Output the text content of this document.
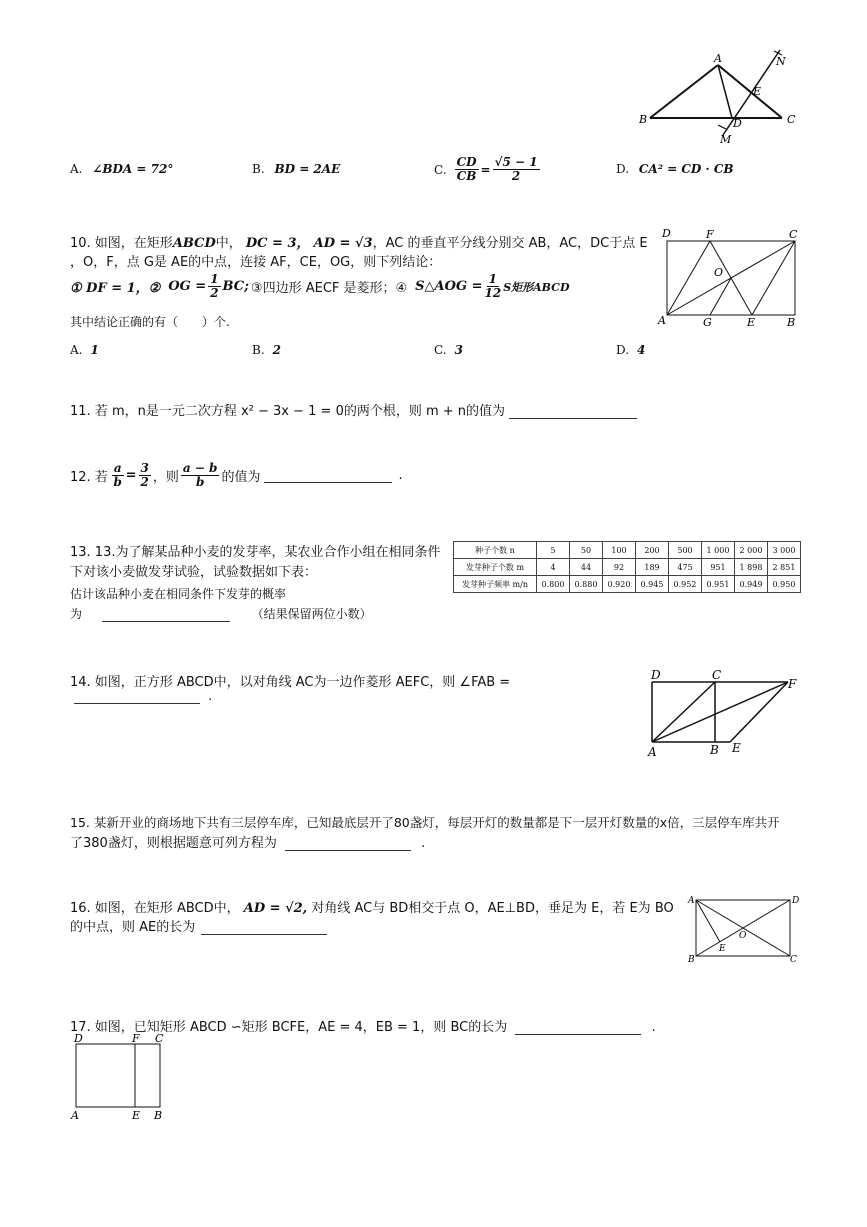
A
B	C
D
E
M
N
A. ∠BDA = 72°	B. BD = 2AE	C. $\frac{CD}{CB} = \frac{√5 - 1}{2}$	D. CA² = CD · CB
10. 如图，在矩形ABCD中， DC = 3， AD = √3，AC 的垂直平分线分别交 AB，AC，DC于点 E
，O，F，点 G是 AE的中点，连接 AF，CE，OG，则下列结论：
① DF = 1，② OG = $\frac{1}{2}$ BC; ③四边形 AECF 是菱形；④ S△AOG = $\frac{1}{12}$ S矩形ABCD
其中结论正确的有（　　）个.
D	F	C
O
A	G	E	B
A. 1	B. 2	C. 3	D. 4
11. 若 m，n是一元二次方程 x² − 3x − 1 = 0的两个根，则 m + n的值为
12. 若 $\frac{a}{b} = \frac{3}{2}$ ，则 $\frac{a - b}{b}$ 的值为	.
13. 13.为了解某品种小麦的发芽率，某农业合作小组在相同条件
下对该小麦做发芽试验，试验数据如下表：
估计该品种小麦在相同条件下发芽的概率
为	（结果保留两位小数）
种子个数 n	5	50	100	200	500	1 000	2 000	3 000
发芽种子个数 m	4	44	92	189	475	951	1 898	2 851
发芽种子频率 m/n	0.800	0.880	0.920	0.945	0.952	0.951	0.949	0.950
14. 如图，正方形 ABCD中，以对角线 AC为一边作菱形 AEFC，则 ∠FAB =
.
D	C
F
A	B E
15. 某新开业的商场地下共有三层停车库，已知最底层开了80盏灯，每层开灯的数量都是下一层开灯数量的x倍，三层停车库共开
了380盏灯，则根据题意可列方程为	.
16. 如图，在矩形 ABCD中， AD = √2, 对角线 AC与 BD相交于点 O，AE⊥BD，垂足为 E，若 E为 BO
的中点，则 AE的长为
A	D
O
E
B	C
17. 如图，已知矩形 ABCD ∽矩形 BCFE，AE = 4，EB = 1，则 BC的长为	.
D	F C
A	E B
